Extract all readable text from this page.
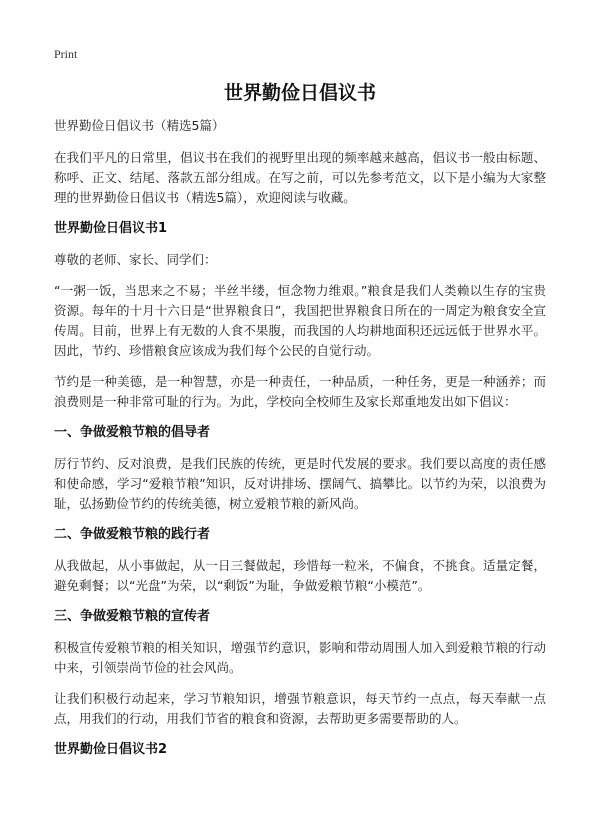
Print
世界勤俭日倡议书
世界勤俭日倡议书（精选5篇）

在我们平凡的日常里，倡议书在我们的视野里出现的频率越来越高，倡议书一般由标题、称呼、正文、结尾、落款五部分组成。在写之前，可以先参考范文，以下是小编为大家整理的世界勤俭日倡议书（精选5篇），欢迎阅读与收藏。

世界勤俭日倡议书1

尊敬的老师、家长、同学们：

“一粥一饭，当思来之不易；半丝半缕，恒念物力维艰。”粮食是我们人类赖以生存的宝贵资源。每年的十月十六日是“世界粮食日”，我国把世界粮食日所在的一周定为粮食安全宣传周。目前，世界上有无数的人食不果腹，而我国的人均耕地面积还远远低于世界水平。因此，节约、珍惜粮食应该成为我们每个公民的自觉行动。

节约是一种美德，是一种智慧，亦是一种责任，一种品质，一种任务，更是一种涵养；而浪费则是一种非常可耻的行为。为此，学校向全校师生及家长郑重地发出如下倡议：

一、争做爱粮节粮的倡导者

厉行节约、反对浪费，是我们民族的传统，更是时代发展的要求。我们要以高度的责任感和使命感，学习“爱粮节粮”知识，反对讲排场、摆阔气、搞攀比。以节约为荣，以浪费为耻，弘扬勤俭节约的传统美德，树立爱粮节粮的新风尚。

二、争做爱粮节粮的践行者

从我做起，从小事做起，从一日三餐做起，珍惜每一粒米，不偏食，不挑食。适量定餐，避免剩餐；以“光盘”为荣，以“剩饭”为耻，争做爱粮节粮“小模范”。

三、争做爱粮节粮的宣传者

积极宣传爱粮节粮的相关知识，增强节约意识，影响和带动周围人加入到爱粮节粮的行动中来，引领崇尚节俭的社会风尚。

让我们积极行动起来，学习节粮知识，增强节粮意识，每天节约一点点，每天奉献一点点，用我们的行动，用我们节省的粮食和资源，去帮助更多需要帮助的人。

世界勤俭日倡议书2
